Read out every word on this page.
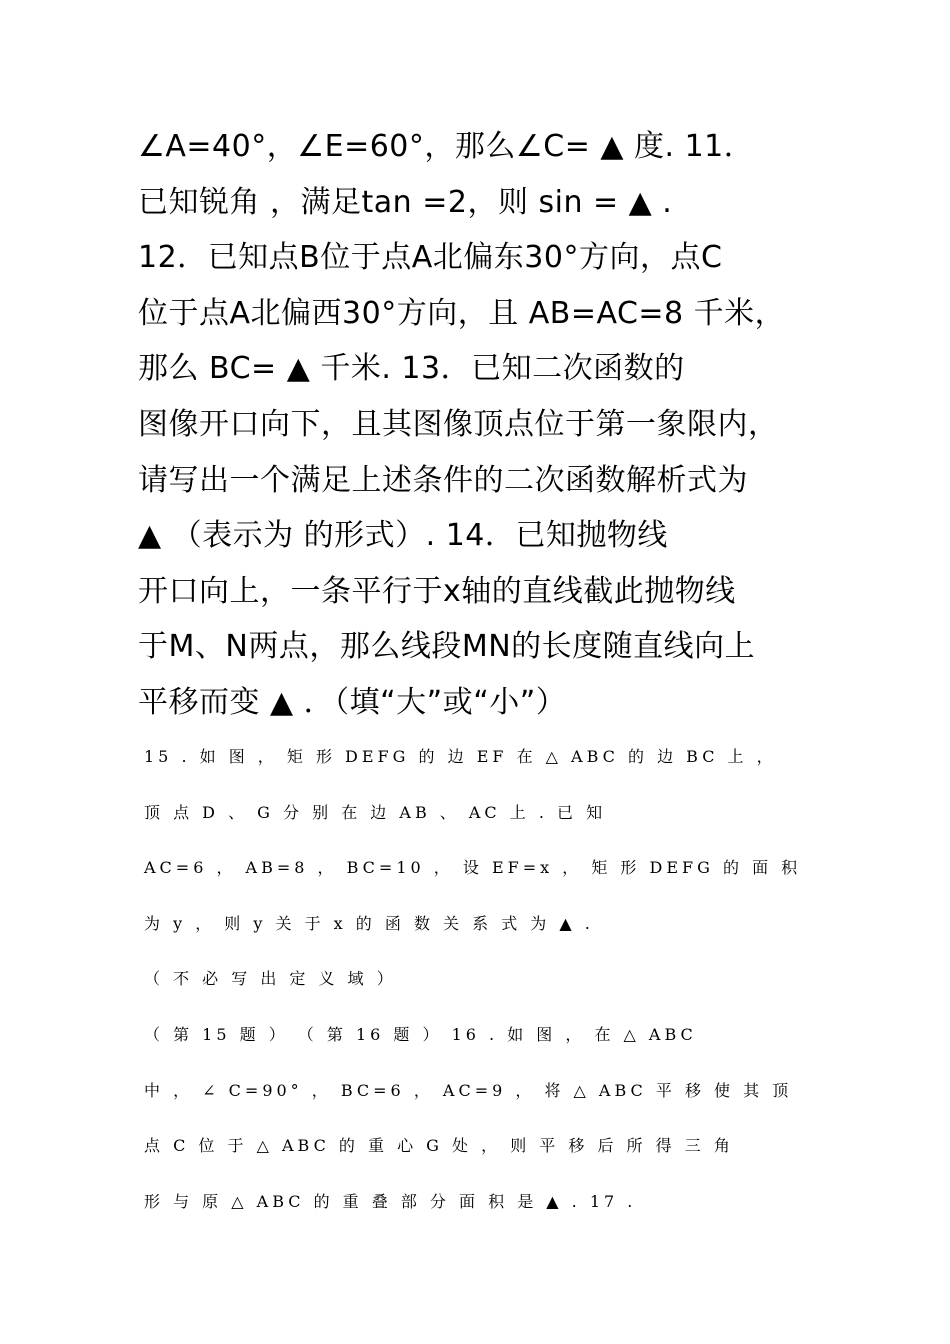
∠A=40°，∠E=60°，那么∠C= ▲ 度. 11．
已知锐角 ，满足tan =2，则 sin = ▲ .
12．已知点B位于点A北偏东30°方向，点C
位于点A北偏西30°方向，且 AB=AC=8 千米，
那么 BC= ▲ 千米. 13．已知二次函数的
图像开口向下，且其图像顶点位于第一象限内，
请写出一个满足上述条件的二次函数解析式为
▲ （表示为 的形式）. 14．已知抛物线
开口向上，一条平行于x轴的直线截此抛物线
于M、N两点，那么线段MN的长度随直线向上
平移而变 ▲ ．（填“大”或“小”）
15 . 如 图 ， 矩 形 DEFG 的 边 EF 在 △ ABC 的 边 BC 上 ，
顶 点 D 、 G 分 别 在 边 AB 、 AC 上 . 已 知
AC=6 ， AB=8 ， BC=10 ， 设 EF=x ， 矩 形 DEFG 的 面 积
为 y ， 则 y 关 于 x 的 函 数 关 系 式 为 ▲ .
（ 不 必 写 出 定 义 域 ）
（ 第 15 题 ） （ 第 16 题 ） 16 . 如 图 ， 在 △ ABC
中 ， ∠ C=90° ， BC=6 ， AC=9 ， 将 △ ABC 平 移 使 其 顶
点 C 位 于 △ ABC 的 重 心 G 处 ， 则 平 移 后 所 得 三 角
形 与 原 △ ABC 的 重 叠 部 分 面 积 是 ▲ . 17 .
